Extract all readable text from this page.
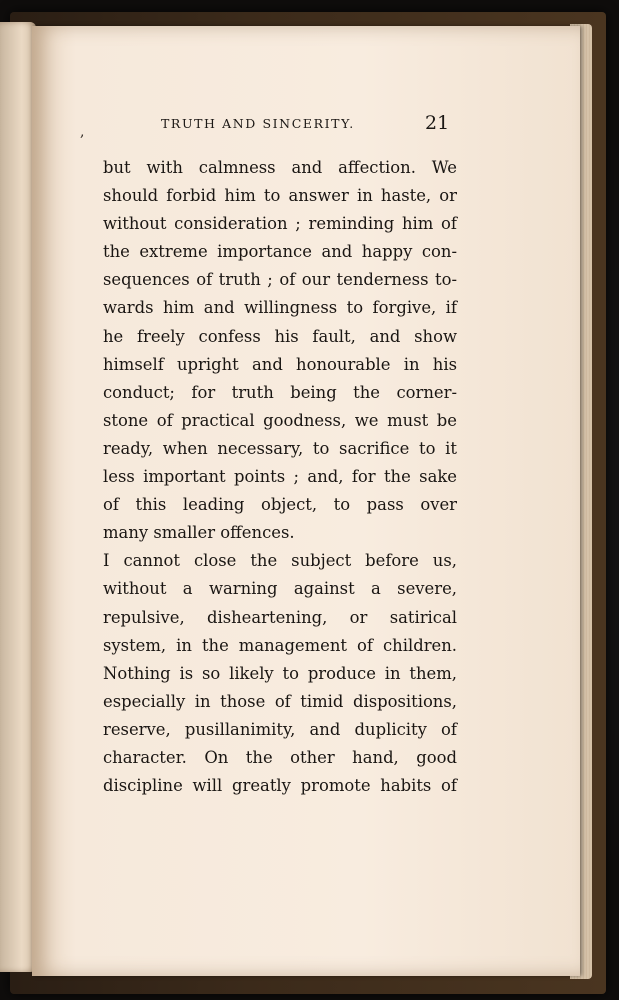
,
TRUTH AND SINCERITY.	21
but with calmness and affection. We
should forbid him to answer in haste, or
without consideration ; reminding him of
the extreme importance and happy con-
sequences of truth ; of our tenderness to-
wards him and willingness to forgive, if
he freely confess his fault, and show
himself upright and honourable in his
conduct; for truth being the corner-
stone of practical goodness, we must be
ready, when necessary, to sacrifice to it
less important points ; and, for the sake
of this leading object, to pass over
many smaller offences.
I cannot close the subject before us,
without a warning against a severe,
repulsive, disheartening, or satirical
system, in the management of children.
Nothing is so likely to produce in them,
especially in those of timid dispositions,
reserve, pusillanimity, and duplicity of
character. On the other hand, good
discipline will greatly promote habits of
